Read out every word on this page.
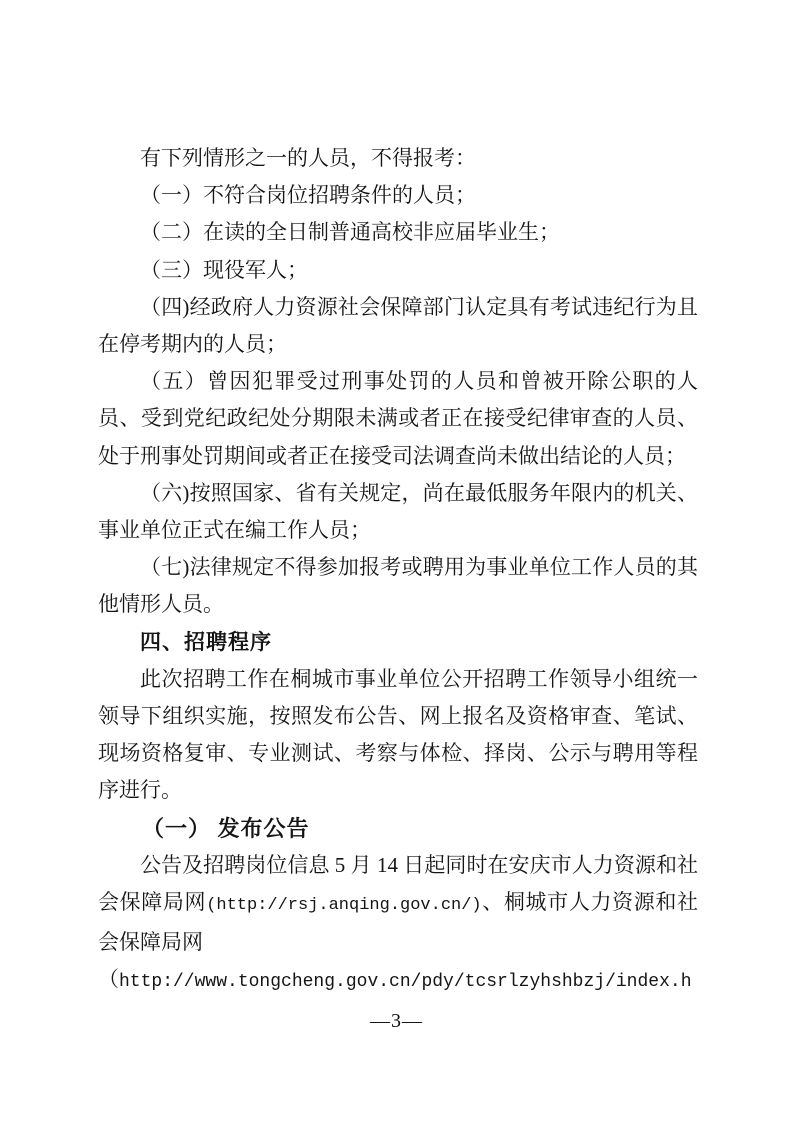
有下列情形之一的人员，不得报考：

（一）不符合岗位招聘条件的人员；

（二）在读的全日制普通高校非应届毕业生；

（三）现役军人；

（四)经政府人力资源社会保障部门认定具有考试违纪行为且在停考期内的人员；

（五）曾因犯罪受过刑事处罚的人员和曾被开除公职的人员、受到党纪政纪处分期限未满或者正在接受纪律审查的人员、处于刑事处罚期间或者正在接受司法调查尚未做出结论的人员；

（六)按照国家、省有关规定，尚在最低服务年限内的机关、事业单位正式在编工作人员；

（七)法律规定不得参加报考或聘用为事业单位工作人员的其他情形人员。

四、招聘程序

此次招聘工作在桐城市事业单位公开招聘工作领导小组统一领导下组织实施，按照发布公告、网上报名及资格审查、笔试、现场资格复审、专业测试、考察与体检、择岗、公示与聘用等程序进行。

（一） 发布公告

公告及招聘岗位信息 5 月 14 日起同时在安庆市人力资源和社会保障局网(http://rsj.anqing.gov.cn/)、桐城市人力资源和社会保障局网

（http://www.tongcheng.gov.cn/pdy/tcsrlzyhshbzj/index.h

—3—
